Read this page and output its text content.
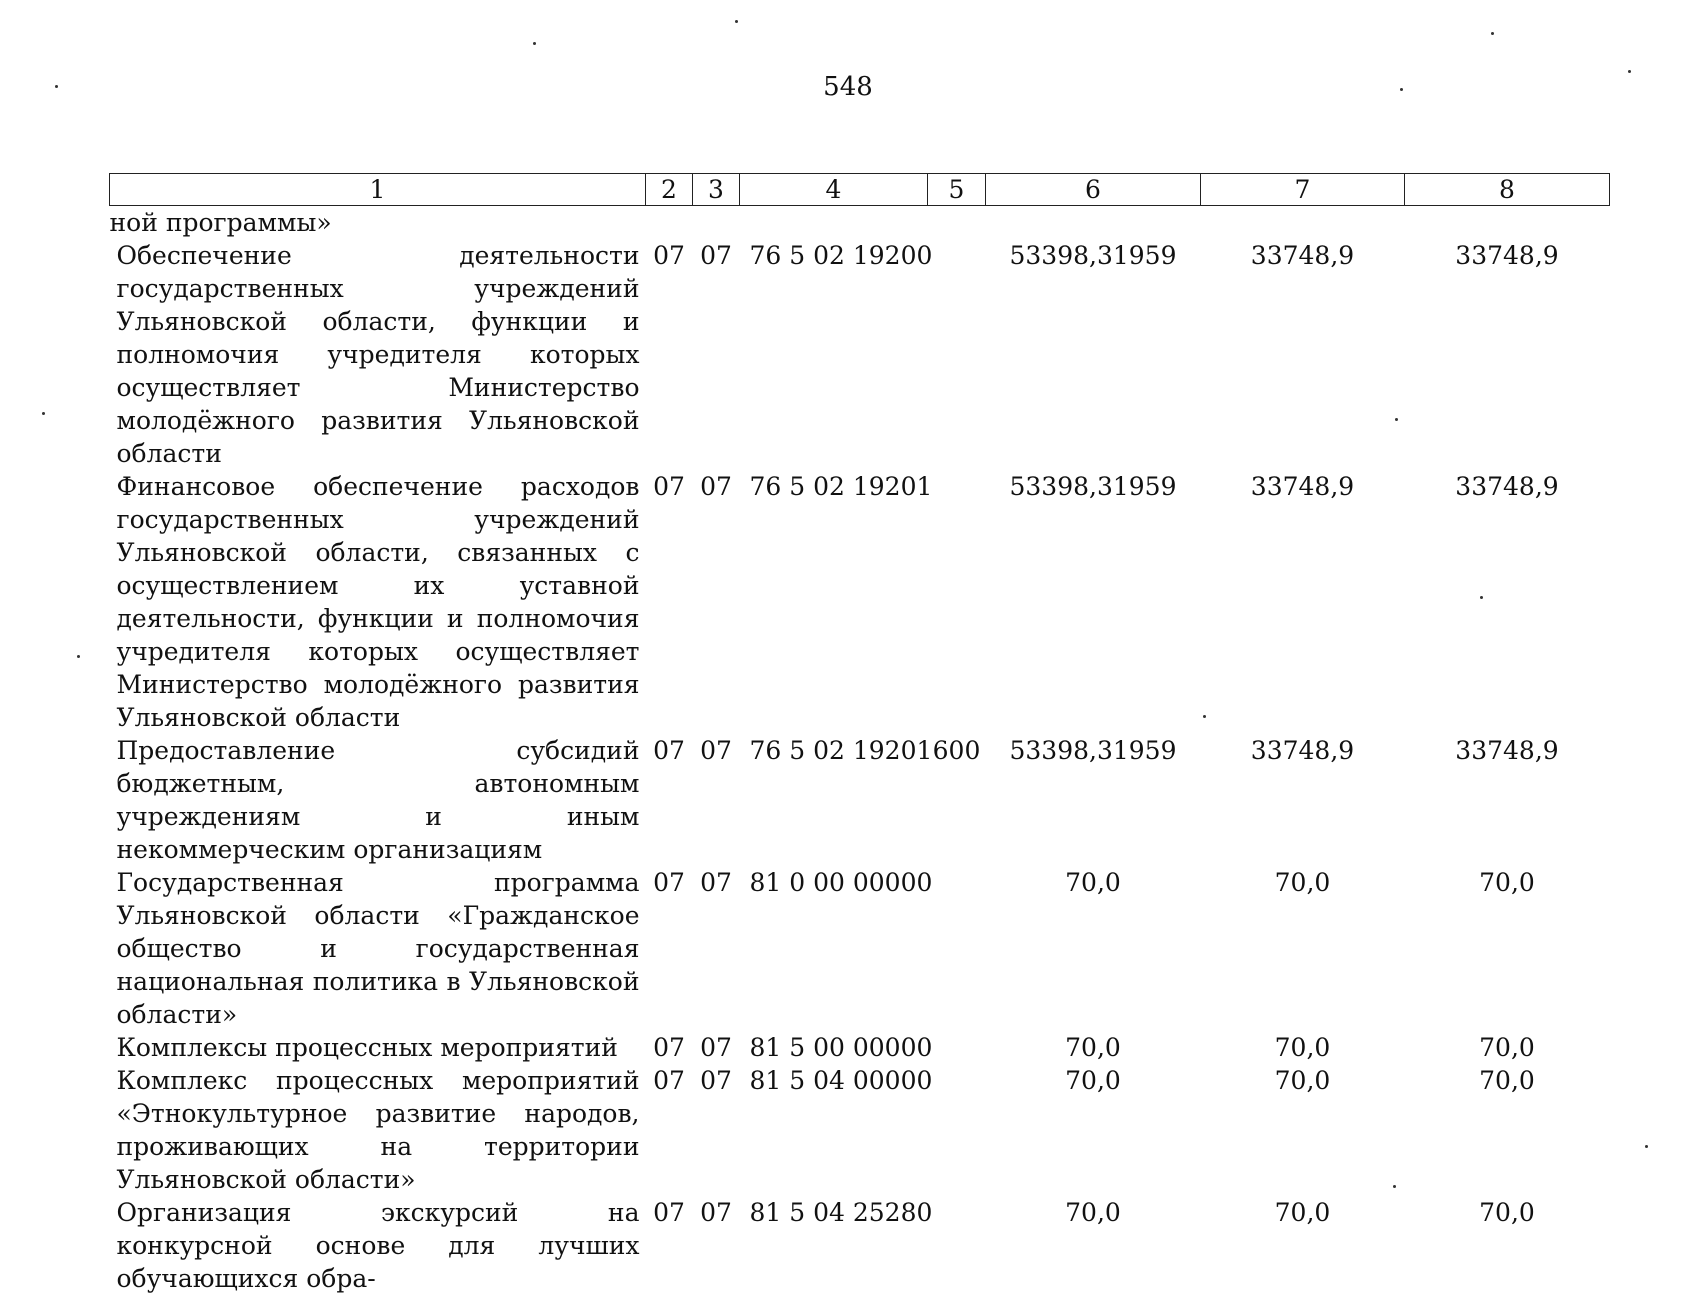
548
1	2	3	4	5	6	7	8
ной программы»							
Обеспечение деятельности государственных учреждений Ульяновской области, функции и полномочия учредителя которых осуществляет Министерство молодёжного развития Ульяновской области	07	07	76 5 02 19200		53398,31959	33748,9	33748,9
Финансовое обеспечение расходов государственных учреждений Ульяновской области, связанных с осуществлением их уставной деятельности, функции и полномочия учредителя которых осуществляет Министерство молодёжного развития Ульяновской области	07	07	76 5 02 19201		53398,31959	33748,9	33748,9
Предоставление субсидий бюджетным, автономным учреждениям и иным некоммерческим организациям	07	07	76 5 02 19201	600	53398,31959	33748,9	33748,9
Государственная программа Ульяновской области «Гражданское общество и государственная национальная политика в Ульяновской области»	07	07	81 0 00 00000		70,0	70,0	70,0
Комплексы процессных мероприятий	07	07	81 5 00 00000		70,0	70,0	70,0
Комплекс процессных мероприятий «Этнокультурное развитие народов, проживающих на территории Ульяновской области»	07	07	81 5 04 00000		70,0	70,0	70,0
Организация экскурсий на конкурсной основе для лучших обучающихся обра-	07	07	81 5 04 25280		70,0	70,0	70,0
